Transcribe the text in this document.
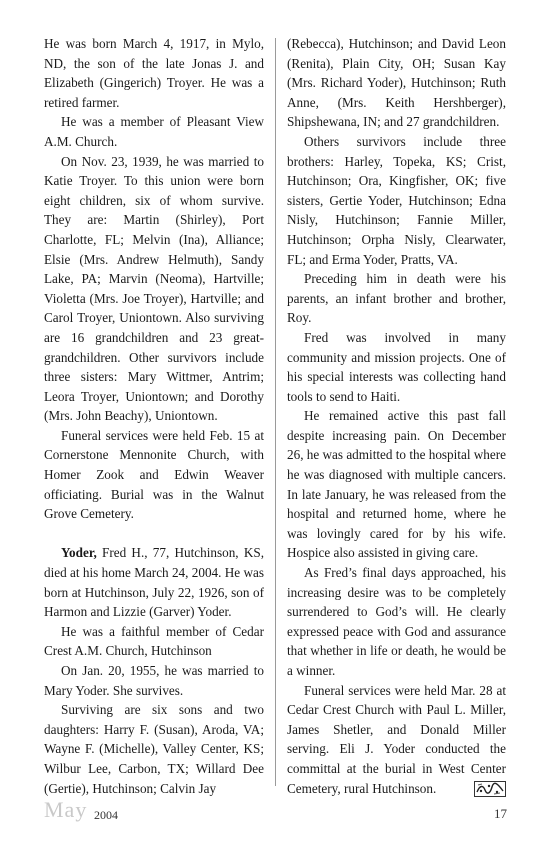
He was born March 4, 1917, in Mylo, ND, the son of the late Jonas J. and Elizabeth (Gingerich) Troyer. He was a retired farmer.

He was a member of Pleasant View A.M. Church.

On Nov. 23, 1939, he was married to Katie Troyer. To this union were born eight children, six of whom survive. They are: Martin (Shirley), Port Charlotte, FL; Melvin (Ina), Alliance; Elsie (Mrs. Andrew Helmuth), Sandy Lake, PA; Marvin (Neoma), Hartville; Violetta (Mrs. Joe Troyer), Hartville; and Carol Troyer, Uniontown. Also surviving are 16 grandchildren and 23 great-grandchildren. Other survivors include three sisters: Mary Wittmer, Antrim; Leora Troyer, Uniontown; and Dorothy (Mrs. John Beachy), Uniontown.

Funeral services were held Feb. 15 at Cornerstone Mennonite Church, with Homer Zook and Edwin Weaver officiating. Burial was in the Walnut Grove Cemetery.

Yoder, Fred H., 77, Hutchinson, KS, died at his home March 24, 2004. He was born at Hutchinson, July 22, 1926, son of Harmon and Lizzie (Garver) Yoder.

He was a faithful member of Cedar Crest A.M. Church, Hutchinson

On Jan. 20, 1955, he was married to Mary Yoder. She survives.

Surviving are six sons and two daughters: Harry F. (Susan), Aroda, VA; Wayne F. (Michelle), Valley Center, KS; Wilbur Lee, Carbon, TX; Willard Dee (Gertie), Hutchinson; Calvin Jay

(Rebecca), Hutchinson; and David Leon (Renita), Plain City, OH; Susan Kay (Mrs. Richard Yoder), Hutchinson; Ruth Anne, (Mrs. Keith Hershberger), Shipshewana, IN; and 27 grandchildren.

Others survivors include three brothers: Harley, Topeka, KS; Crist, Hutchinson; Ora, Kingfisher, OK; five sisters, Gertie Yoder, Hutchinson; Edna Nisly, Hutchinson; Fannie Miller, Hutchinson; Orpha Nisly, Clearwater, FL; and Erma Yoder, Pratts, VA.

Preceding him in death were his parents, an infant brother and brother, Roy.

Fred was involved in many community and mission projects. One of his special interests was collecting hand tools to send to Haiti.

He remained active this past fall despite increasing pain. On December 26, he was admitted to the hospital where he was diagnosed with multiple cancers. In late January, he was released from the hospital and returned home, where he was lovingly cared for by his wife. Hospice also assisted in giving care.

As Fred’s final days approached, his increasing desire was to be completely surrendered to God’s will. He clearly expressed peace with God and assurance that whether in life or death, he would be a winner.

Funeral services were held Mar. 28 at Cedar Crest Church with Paul L. Miller, James Shetler, and Donald Miller serving. Eli J. Yoder conducted the committal at the burial in West Center Cemetery, rural Hutchinson.

May 2004	17
